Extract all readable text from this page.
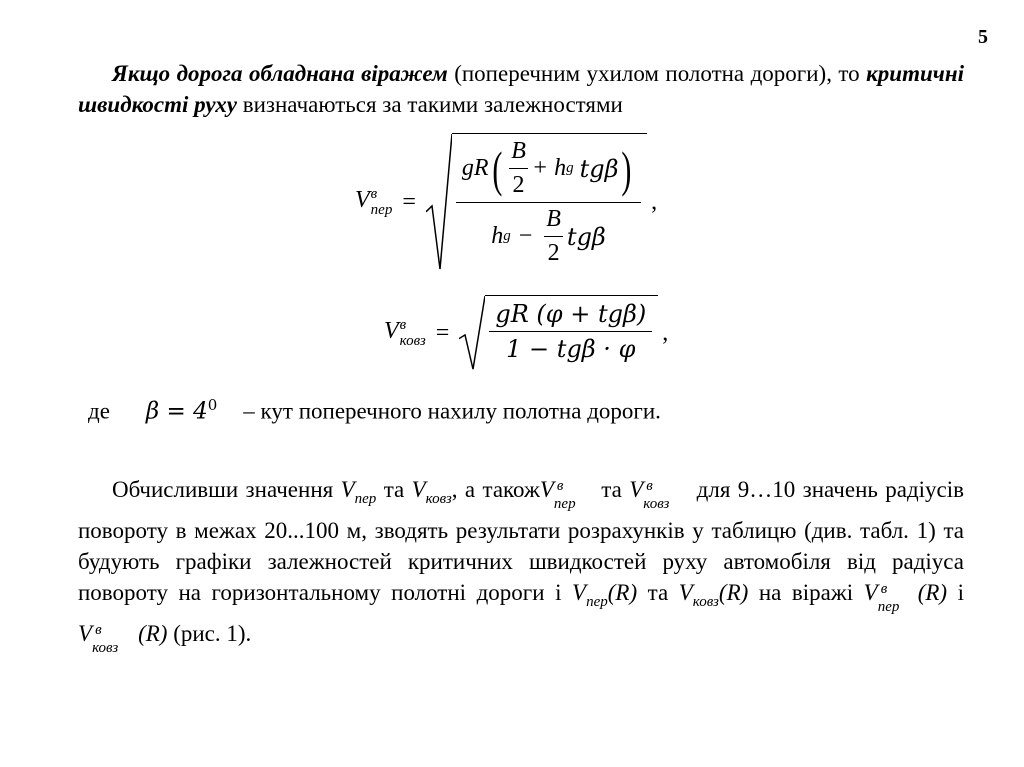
5
Якщо дорога обладнана віражем (поперечним ухилом полотна дороги), то критичні швидкості руху визначаються за такими залежностями
V в
пер =
gR ( $\frac{B}{2} + h$ g
tgβ )
h $g - \frac{B}{2}$ tgβ
,
V в
ковз = $\frac{\text{gR (φ + tgβ)}}{\text{1 − tgβ · φ}}$ ,
де $\beta = 4^0$ – кут поперечного нахилу полотна дороги.
Обчисливши значення $V_{пер}$ та $V_{ковз}$, а такожV в
пер
та V в
ковз
для 9…10 значень радіусів повороту в межах 20...100 м, зводять результати розрахунків у таблицю (див. табл. 1) та будують графіки залежностей критичних швидкостей руху автомобіля від радіуса повороту на горизонтальному полотні дороги і $V_{пер}(R)$ та $V_{ковз}(R)$ на віражі V в
пер
(R) і V в
ковз
(R) (рис. 1).
